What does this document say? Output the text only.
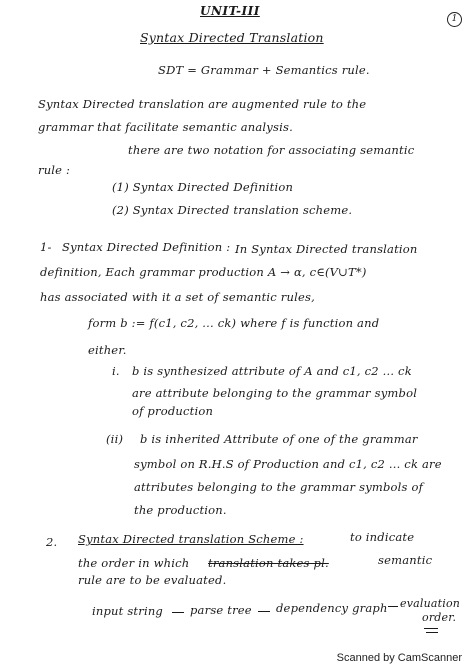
UNIT-III
1
Syntax Directed Translation
SDT = Grammar + Semantics rule.
Syntax Directed translation are augmented rule to the
grammar that facilitate semantic analysis.
there are two notation for associating semantic
rule :
(1) Syntax Directed Definition
(2) Syntax Directed translation scheme.
1- Syntax Directed Definition : In Syntax Directed translation
definition, Each grammar production A → α, c∈(V∪T*)
has associated with it a set of semantic rules,
form b := f(c1, c2, ... ck) where f is function and
either.
i. b is synthesized attribute of A and c1, c2 ... ck
are attribute belonging to the grammar symbol
of production
(ii) b is inherited Attribute of one of the grammar
symbol on R.H.S of Production and c1, c2 ... ck are
attributes belonging to the grammar symbols of
the production.
2. Syntax Directed translation Scheme :	to indicate
the order in which translation takes pl.	semantic
rule are to be evaluated.
input string parse tree dependency graph evaluation
order.
Scanned by CamScanner
